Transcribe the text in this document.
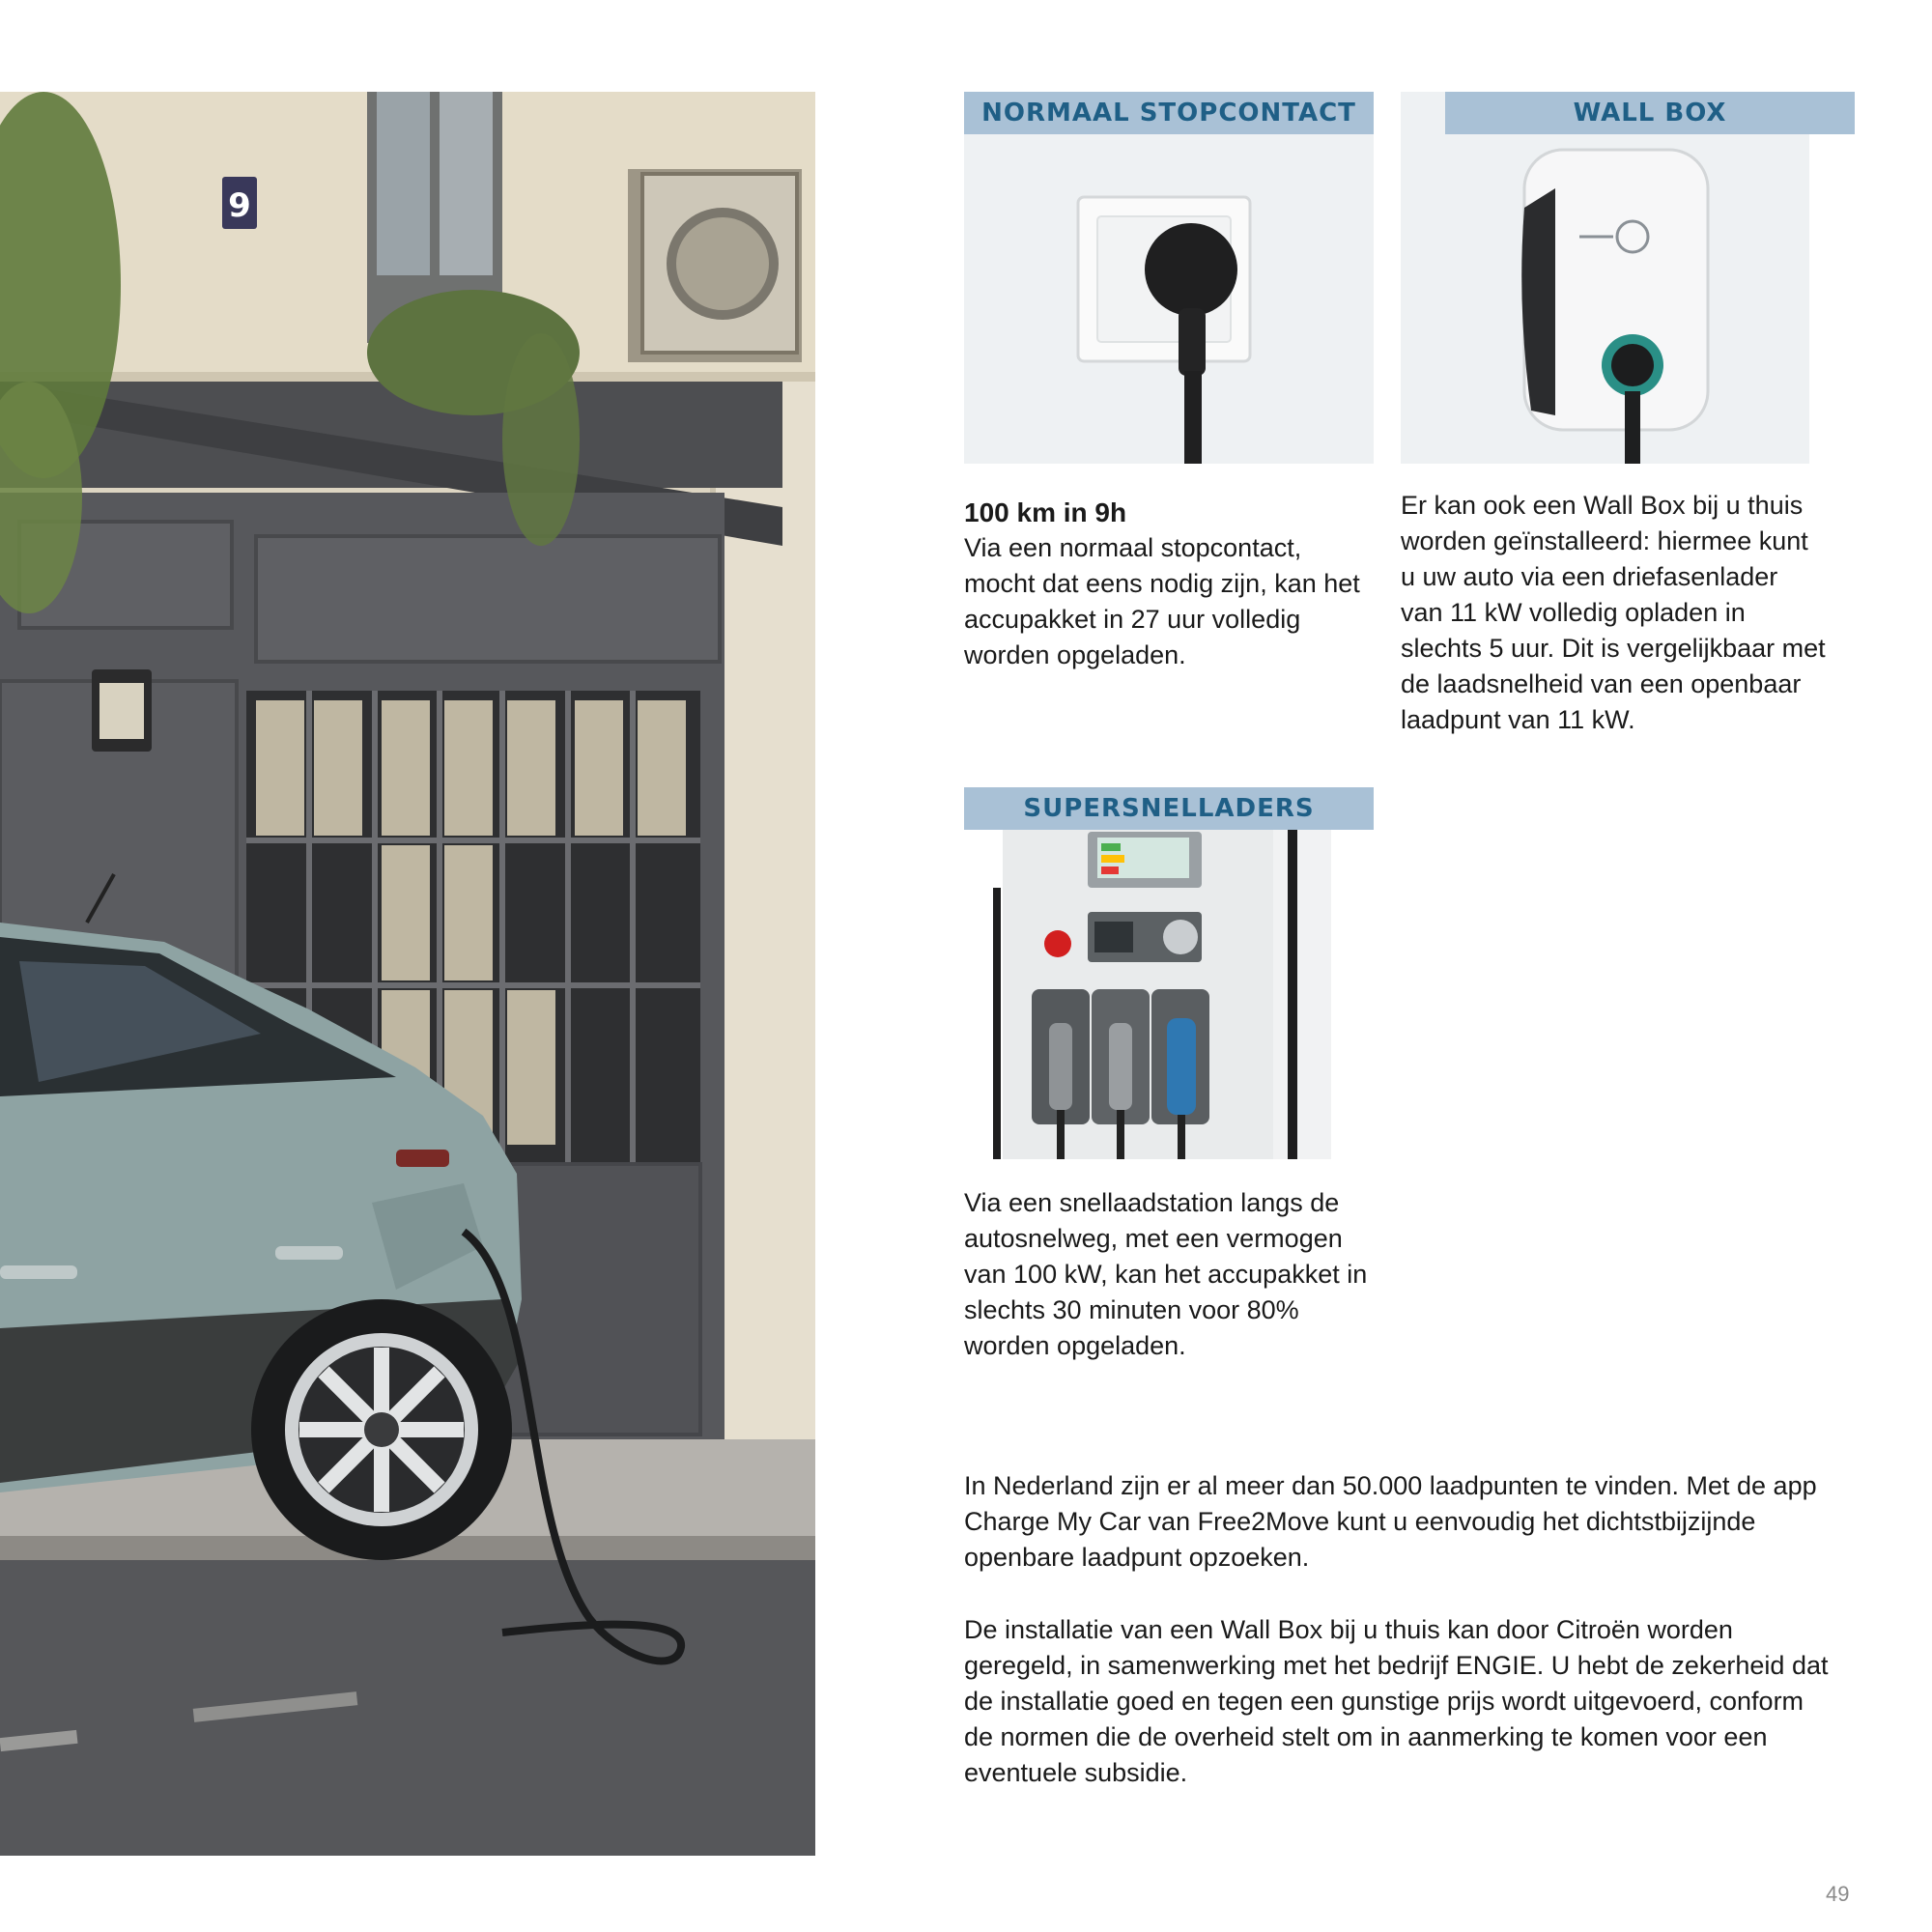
9
NORMAAL STOPCONTACT
100 km in 9h
Via een normaal stopcontact, mocht dat eens nodig zijn, kan het accupakket in 27 uur volledig worden opgeladen.
WALL BOX
Er kan ook een Wall Box bij u thuis worden geïnstalleerd: hiermee kunt u uw auto via een driefasenlader van 11 kW volledig opladen in slechts 5 uur. Dit is vergelijkbaar met de laadsnelheid van een openbaar laadpunt van 11 kW.
SUPERSNELLADERS
Via een snellaadstation langs de autosnelweg, met een vermogen van 100 kW, kan het accupakket in slechts 30 minuten voor 80% worden opgeladen.
In Nederland zijn er al meer dan 50.000 laadpunten te vinden. Met de app Charge My Car van Free2Move kunt u eenvoudig het dichtstbijzijnde openbare laadpunt opzoeken.
De installatie van een Wall Box bij u thuis kan door Citroën worden geregeld, in samenwerking met het bedrijf ENGIE. U hebt de zekerheid dat de installatie goed en tegen een gunstige prijs wordt uitgevoerd, conform de normen die de overheid stelt om in aanmerking te komen voor een eventuele subsidie.
49
